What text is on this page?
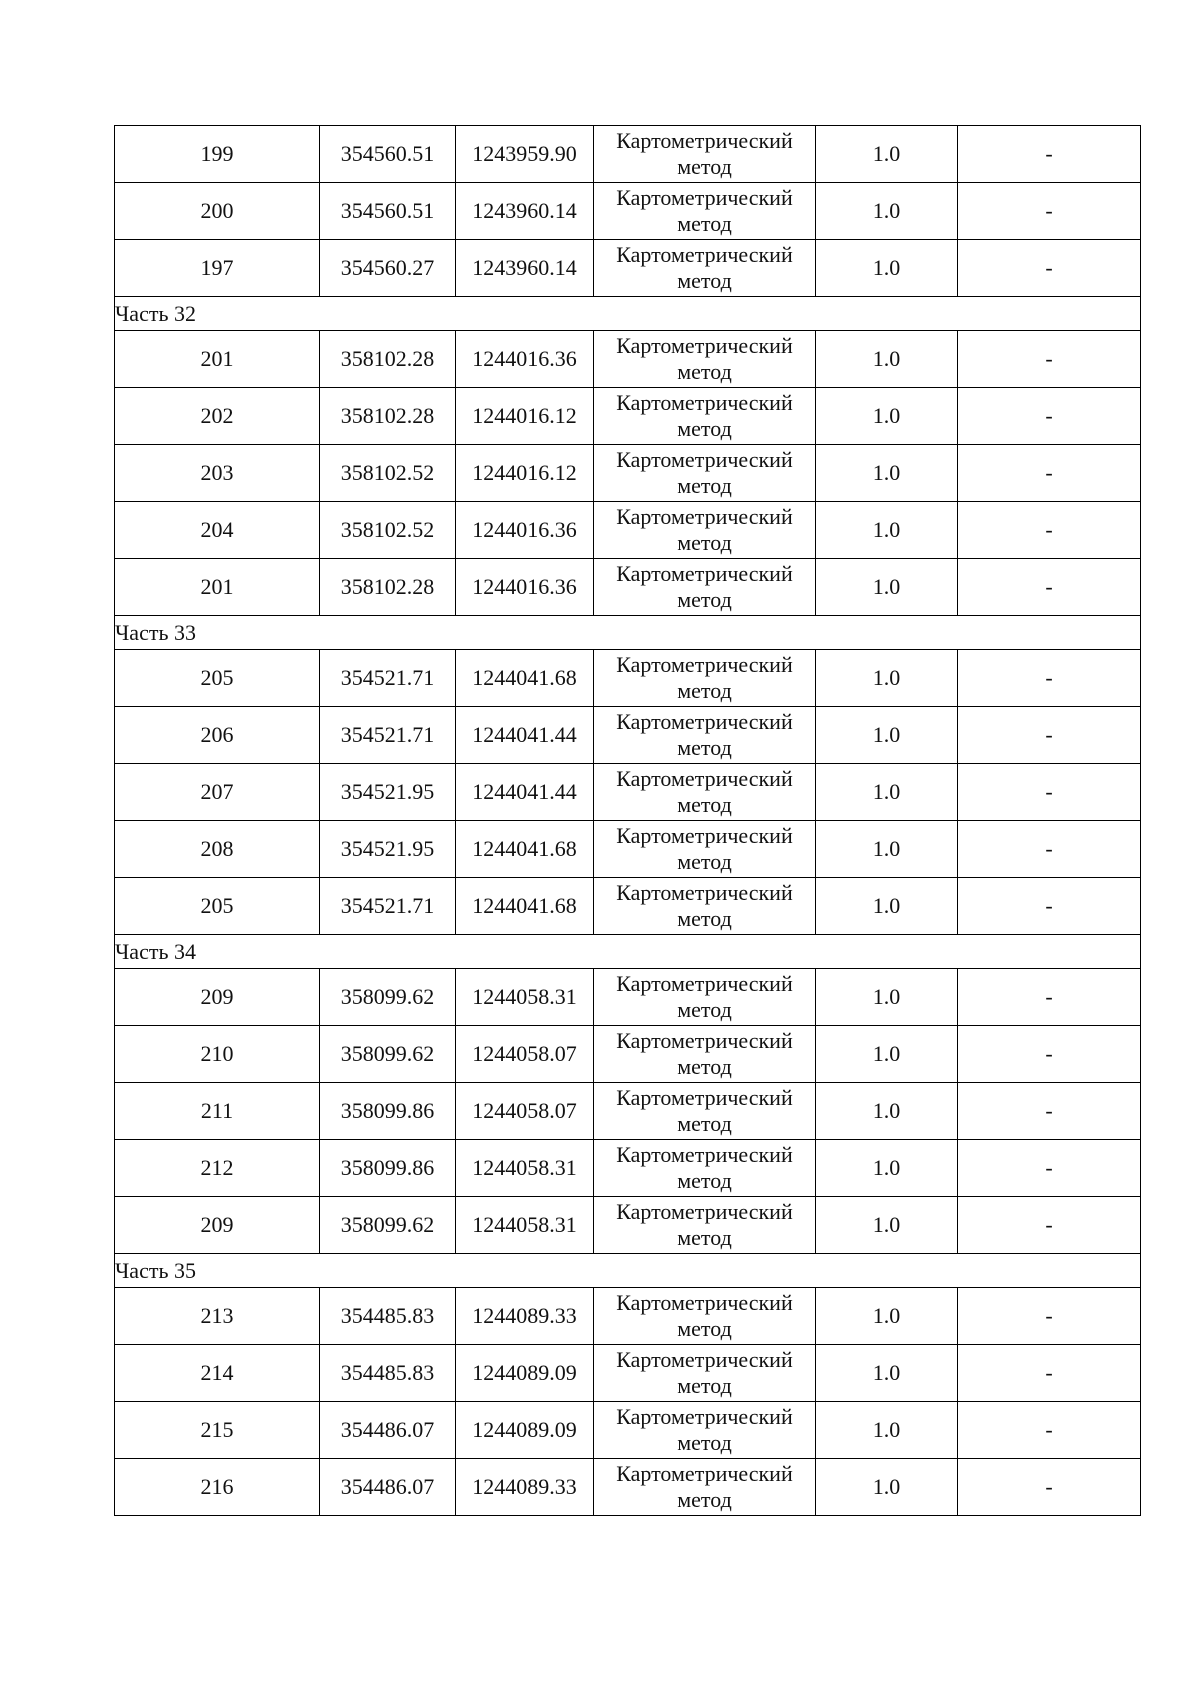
199	354560.51	1243959.90	Картометрический
метод	1.0	-
200	354560.51	1243960.14	Картометрический
метод	1.0	-
197	354560.27	1243960.14	Картометрический
метод	1.0	-
Часть 32					
201	358102.28	1244016.36	Картометрический
метод	1.0	-
202	358102.28	1244016.12	Картометрический
метод	1.0	-
203	358102.52	1244016.12	Картометрический
метод	1.0	-
204	358102.52	1244016.36	Картометрический
метод	1.0	-
201	358102.28	1244016.36	Картометрический
метод	1.0	-
Часть 33					
205	354521.71	1244041.68	Картометрический
метод	1.0	-
206	354521.71	1244041.44	Картометрический
метод	1.0	-
207	354521.95	1244041.44	Картометрический
метод	1.0	-
208	354521.95	1244041.68	Картометрический
метод	1.0	-
205	354521.71	1244041.68	Картометрический
метод	1.0	-
Часть 34					
209	358099.62	1244058.31	Картометрический
метод	1.0	-
210	358099.62	1244058.07	Картометрический
метод	1.0	-
211	358099.86	1244058.07	Картометрический
метод	1.0	-
212	358099.86	1244058.31	Картометрический
метод	1.0	-
209	358099.62	1244058.31	Картометрический
метод	1.0	-
Часть 35					
213	354485.83	1244089.33	Картометрический
метод	1.0	-
214	354485.83	1244089.09	Картометрический
метод	1.0	-
215	354486.07	1244089.09	Картометрический
метод	1.0	-
216	354486.07	1244089.33	Картометрический
метод	1.0	-
